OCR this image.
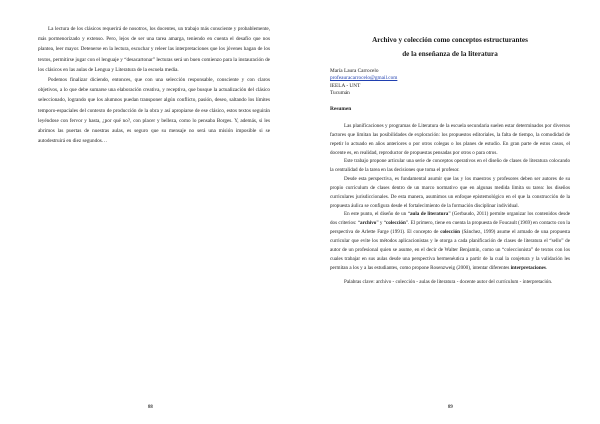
La lectura de los clásicos requerirá de nosotros, los docentes, un trabajo más consciente y probablemente, más pormenorizado y extenso. Pero, lejos de ser una tarea amarga, teniendo en cuenta el desafío que nos plantea, leer mayor. Detenerse en la lectura, escuchar y releer las interpretaciones que los jóvenes hagan de los textos, permitirse jugar con el lenguaje y “desacartonar” lecturas será un buen comienzo para la instauración de los clásicos en las aulas de Lengua y Literatura de la escuela media.

Podemos finalizar diciendo, entonces, que con una selección responsable, consciente y con claros objetivos, a lo que debe sumarse una elaboración creativa, y receptiva, que busque la actualización del clásico seleccionado, logrando que los alumnos puedan transponer algún conflicto, pasión, deseo, saltando los límites temporo-espaciales del contexto de producción de la obra y así apropiarse de ese clásico, estos textos seguirán leyéndose con fervor y hasta, ¿por qué no?, con placer y belleza, como lo pensaba Borges. Y, además, si les abrimos las puertas de nuestras aulas, es seguro que su mensaje no será una misión imposible si se autodestruirá en diez segundos…

88
Archivo y colección como conceptos estructurantes
de la enseñanza de la literatura
María Laura Carrocelo
profeauracarrocelo@gmail.com
IEELA - UNT
Tucumán
Resumen

Las planificaciones y programas de Literatura de la escuela secundaria suelen estar determinados por diversos factores que limitan las posibilidades de exploración: los propuestos editoriales, la falta de tiempo, la comodidad de repetir lo actuado en años anteriores o por otros colegas o los planes de estudio. En gran parte de estos casos, el docente es, en realidad, reproductor de propuestas pensadas por otros o para otros.

Este trabajo propone articular una serie de conceptos operativos en el diseño de clases de literatura colocando la centralidad de la tarea en las decisiones que toma el profesor.

Desde esta perspectiva, es fundamental asumir que las y los maestros y profesores deben ser autores de su propio currículum de clases dentro de un marco normativo que en algunas medida limita su tarea: los diseños curriculares jurisdiccionales. De esta manera, asumimos un enfoque epistemológico en el que la construcción de la propuesta áulica se configura desde el fortalecimiento de la formación disciplinar individual.

En este punto, el diseño de un “aula de literatura” (Gerbaudo, 2011) permite organizar los contenidos desde dos criterios: “archivo” y “colección”. El primero, tiene en cuenta la propuesta de Foucault (1969) en contacto con la perspectiva de Arlette Farge (1991). El concepto de colección (Sánchez, 1999) asume el armado de una propuesta curricular que evite los métodos aplicacionistas y le otorga a cada planificación de clases de literatura el “sello” de autor de un profesional quien se asume, en el decir de Walter Benjamin, como un “coleccionista” de textos con los cuales trabajar en sus aulas desde una perspectiva hermenéutica a partir de la cual la conjetura y la validación les permitan a los y a las estudiantes, como propone Rosenzweig (2000), intentar diferentes interpretaciones.

Palabras clave: archivo - colección - aulas de literatura - docente autor del currículum - interpretación.

89
